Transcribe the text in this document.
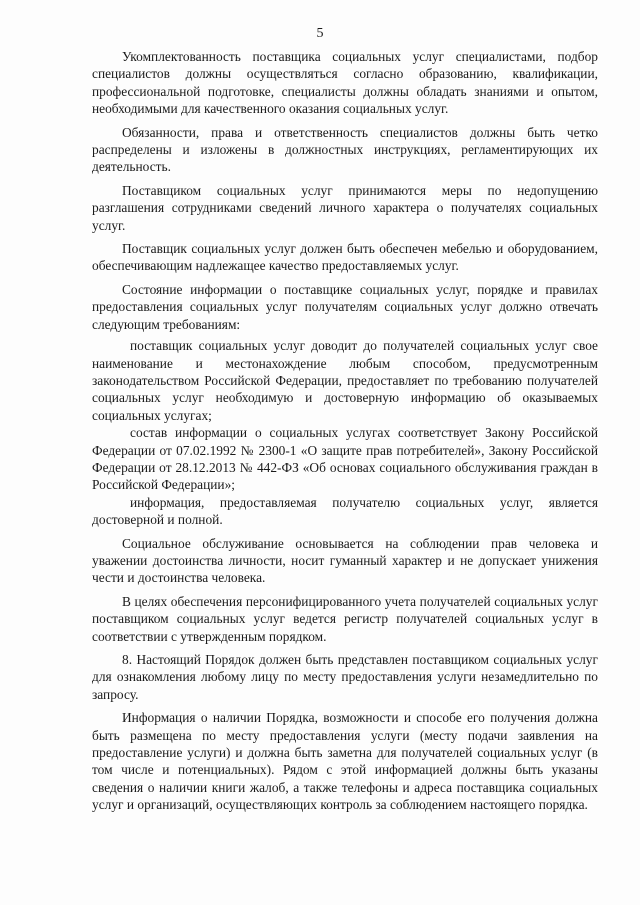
5

Укомплектованность поставщика социальных услуг специалистами, подбор специалистов должны осуществляться согласно образованию, квалификации, профессиональной подготовке, специалисты должны обладать знаниями и опытом, необходимыми для качественного оказания социальных услуг.

Обязанности, права и ответственность специалистов должны быть четко распределены и изложены в должностных инструкциях, регламентирующих их деятельность.

Поставщиком социальных услуг принимаются меры по недопущению разглашения сотрудниками сведений личного характера о получателях социальных услуг.

Поставщик социальных услуг должен быть обеспечен мебелью и оборудованием, обеспечивающим надлежащее качество предоставляемых услуг.

Состояние информации о поставщике социальных услуг, порядке и правилах предоставления социальных услуг получателям социальных услуг должно отвечать следующим требованиям:

поставщик социальных услуг доводит до получателей социальных услуг свое наименование и местонахождение любым способом, предусмотренным законодательством Российской Федерации, предоставляет по требованию получателей социальных услуг необходимую и достоверную информацию об оказываемых социальных услугах;

состав информации о социальных услугах соответствует Закону Российской Федерации от 07.02.1992 № 2300-1 «О защите прав потребителей», Закону Российской Федерации от 28.12.2013 № 442-ФЗ «Об основах социального обслуживания граждан в Российской Федерации»;

информация, предоставляемая получателю социальных услуг, является достоверной и полной.

Социальное обслуживание основывается на соблюдении прав человека и уважении достоинства личности, носит гуманный характер и не допускает унижения чести и достоинства человека.

В целях обеспечения персонифицированного учета получателей социальных услуг поставщиком социальных услуг ведется регистр получателей социальных услуг в соответствии с утвержденным порядком.

8. Настоящий Порядок должен быть представлен поставщиком социальных услуг для ознакомления любому лицу по месту предоставления услуги незамедлительно по запросу.

Информация о наличии Порядка, возможности и способе его получения должна быть размещена по месту предоставления услуги (месту подачи заявления на предоставление услуги) и должна быть заметна для получателей социальных услуг (в том числе и потенциальных). Рядом с этой информацией должны быть указаны сведения о наличии книги жалоб, а также телефоны и адреса поставщика социальных услуг и организаций, осуществляющих контроль за соблюдением настоящего порядка.
